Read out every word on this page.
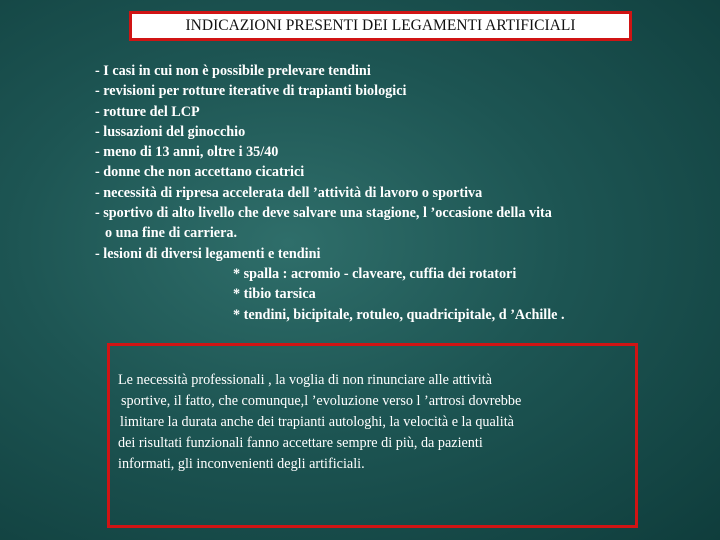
INDICAZIONI PRESENTI DEI LEGAMENTI ARTIFICIALI
- I casi in cui non è possibile prelevare tendini
- revisioni per rotture iterative di trapianti biologici
- rotture del LCP
- lussazioni del ginocchio
- meno di 13 anni, oltre i 35/40
- donne che non accettano cicatrici
- necessità di ripresa accelerata dell ’attività di lavoro o sportiva
- sportivo di alto livello che deve salvare una stagione, l ’occasione della vita
o una fine di carriera.
- lesioni di diversi legamenti e tendini
* spalla : acromio - claveare, cuffia dei rotatori
* tibio tarsica
* tendini, bicipitale, rotuleo, quadricipitale, d ’Achille .
Le necessità professionali , la voglia di non rinunciare alle attività
sportive, il fatto, che comunque,l ’evoluzione verso l ’artrosi dovrebbe
limitare la durata anche dei trapianti autologhi, la velocità e la qualità
dei risultati funzionali fanno accettare sempre di più, da pazienti
informati, gli inconvenienti degli artificiali.
